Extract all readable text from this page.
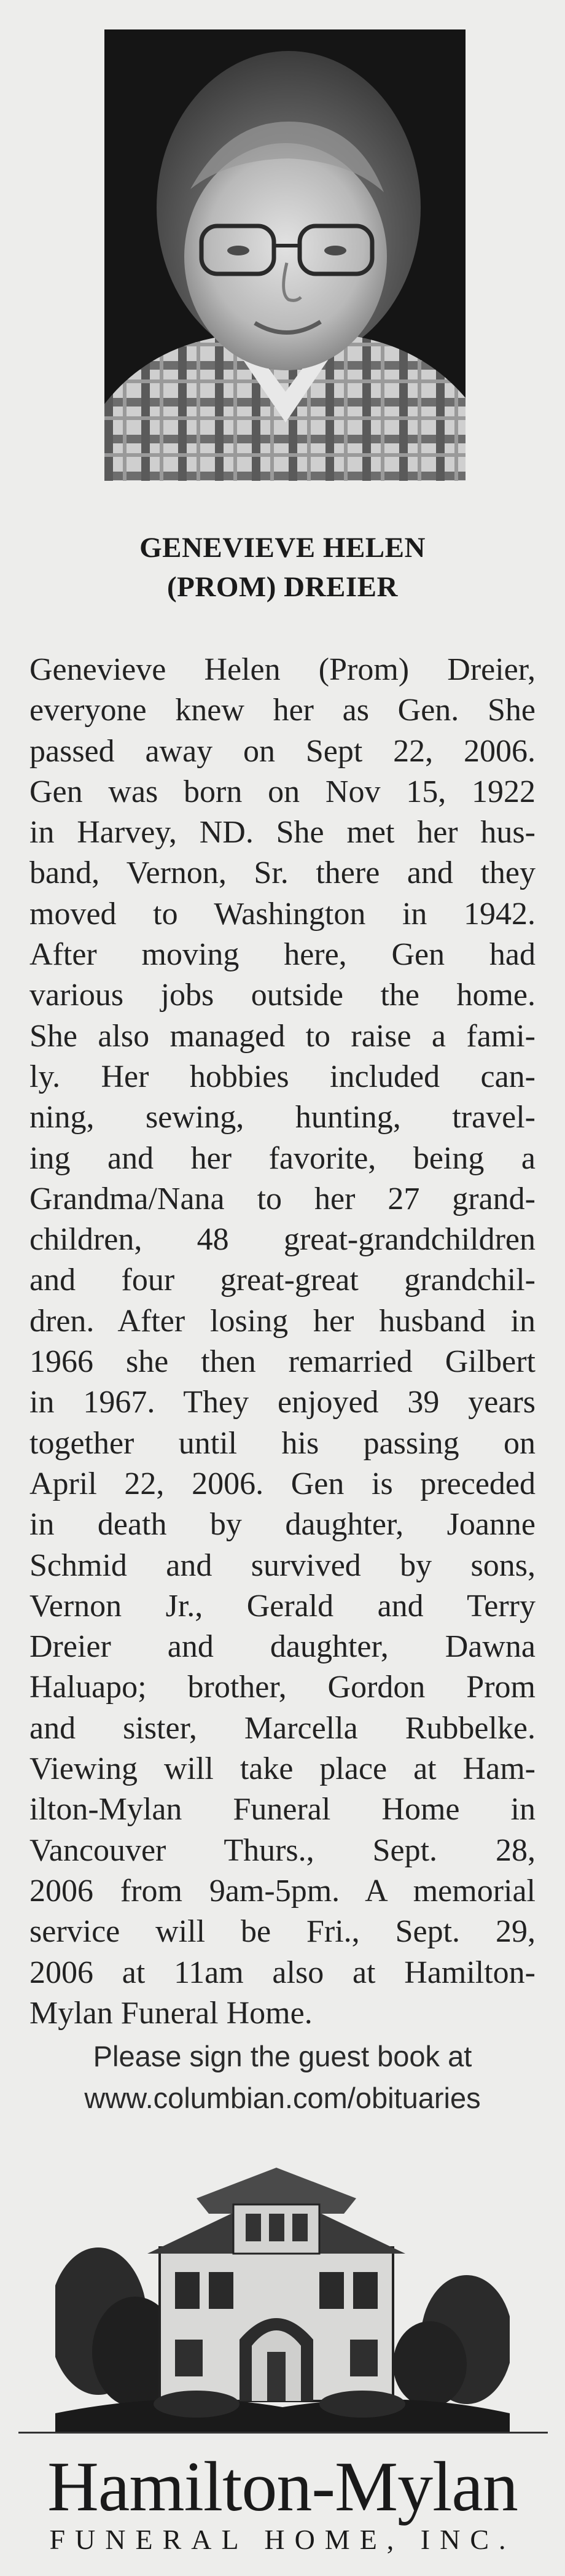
GENEVIEVE HELEN
(PROM) DREIER
Genevieve Helen (Prom) Dreier,
everyone knew her as Gen. She
passed away on Sept 22, 2006.
Gen was born on Nov 15, 1922
in Harvey, ND. She met her hus-
band, Vernon, Sr. there and they
moved to Washington in 1942.
After moving here, Gen had
various jobs outside the home.
She also managed to raise a fami-
ly. Her hobbies included can-
ning, sewing, hunting, travel-
ing and her favorite, being a
Grandma/Nana to her 27 grand-
children, 48 great-grandchildren
and four great-great grandchil-
dren. After losing her husband in
1966 she then remarried Gilbert
in 1967. They enjoyed 39 years
together until his passing on
April 22, 2006. Gen is preceded
in death by daughter, Joanne
Schmid and survived by sons,
Vernon Jr., Gerald and Terry
Dreier and daughter, Dawna
Haluapo; brother, Gordon Prom
and sister, Marcella Rubbelke.
Viewing will take place at Ham-
ilton-Mylan Funeral Home in
Vancouver Thurs., Sept. 28,
2006 from 9am-5pm. A memorial
service will be Fri., Sept. 29,
2006 at 11am also at Hamilton-
Mylan Funeral Home.
Please sign the guest book at
www.columbian.com/obituaries
Hamilton-Mylan
FUNERAL HOME, INC.
